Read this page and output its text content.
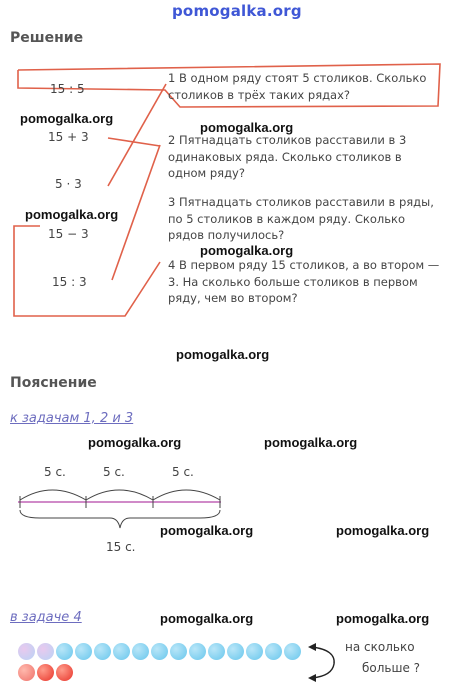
pomogalka.org
Решение
15 : 5
15 + 3
5 · 3
15 − 3
15 : 3
1 В одном ряду стоят 5 столиков. Сколько столиков в трёх таких рядах?
2 Пятнадцать столиков расставили в 3 одинаковых ряда. Сколько столиков в одном ряду?
3 Пятнадцать столиков расставили в ряды, по 5 столиков в каждом ряду. Сколько рядов получилось?
4 В первом ряду 15 столиков, а во втором — 3. На сколько больше столиков в первом ряду, чем во втором?
pomogalka.org
pomogalka.org
pomogalka.org
pomogalka.org
pomogalka.org
Пояснение
к задачам 1, 2 и 3
pomogalka.org	pomogalka.org
5 с.	5 с.	5 с.
15 с.
pomogalka.org	pomogalka.org
в задаче 4	pomogalka.org	pomogalka.org
на сколько
больше ?
